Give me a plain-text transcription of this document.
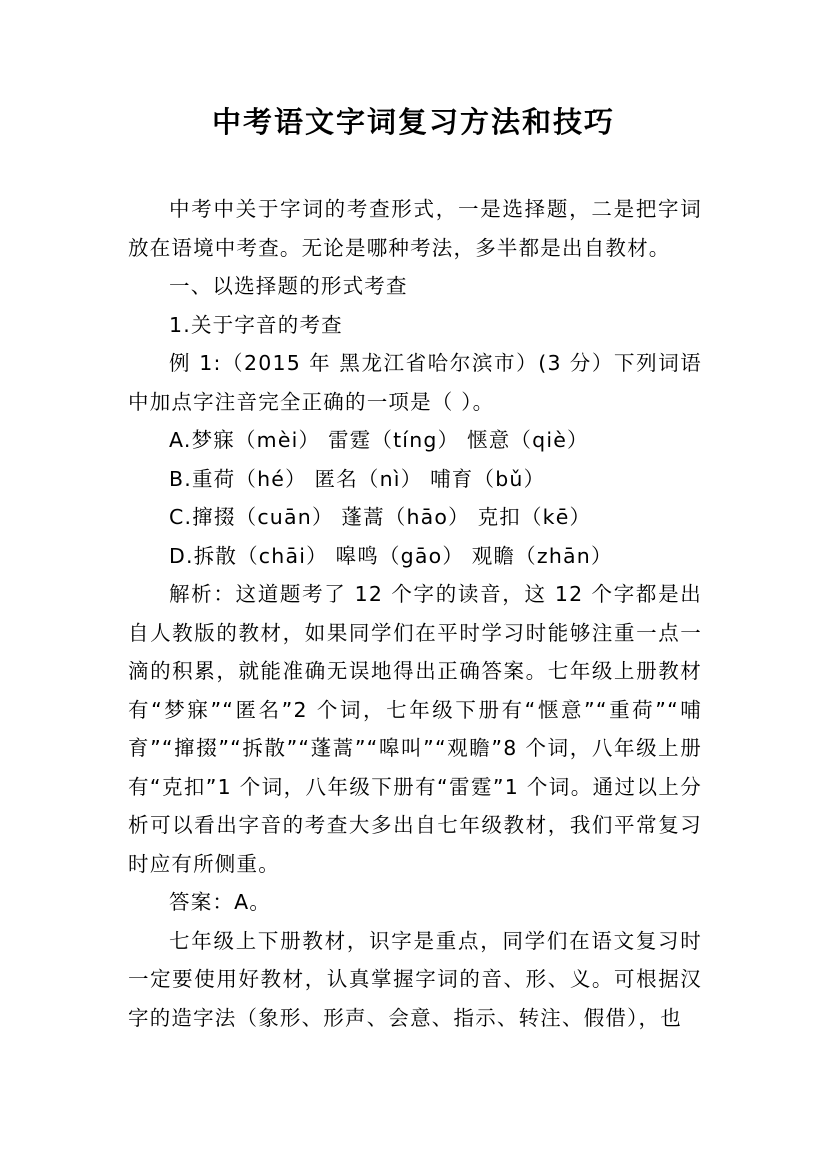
中考语文字词复习方法和技巧

中考中关于字词的考查形式，一是选择题，二是把字词放在语境中考查。无论是哪种考法，多半都是出自教材。

一、以选择题的形式考查

1.关于字音的考查

例 1:（2015 年 黑龙江省哈尔滨市）(3 分）下列词语中加点字注音完全正确的一项是（ ）。

A.梦寐（mèi） 雷霆（tíng） 惬意（qiè）

B.重荷（hé） 匿名（nì） 哺育（bǔ）

C.撺掇（cuān） 蓬蒿（hāo） 克扣（kē）

D.拆散（chāi） 嗥鸣（gāo） 观瞻（zhān）

解析：这道题考了 12 个字的读音，这 12 个字都是出自人教版的教材，如果同学们在平时学习时能够注重一点一滴的积累，就能准确无误地得出正确答案。七年级上册教材有“梦寐”“匿名”2 个词，七年级下册有“惬意”“重荷”“哺育”“撺掇”“拆散”“蓬蒿”“嗥叫”“观瞻”8 个词，八年级上册有“克扣”1 个词，八年级下册有“雷霆”1 个词。通过以上分析可以看出字音的考查大多出自七年级教材，我们平常复习时应有所侧重。

答案：A。

七年级上下册教材，识字是重点，同学们在语文复习时一定要使用好教材，认真掌握字词的音、形、义。可根据汉字的造字法（象形、形声、会意、指示、转注、假借），也
